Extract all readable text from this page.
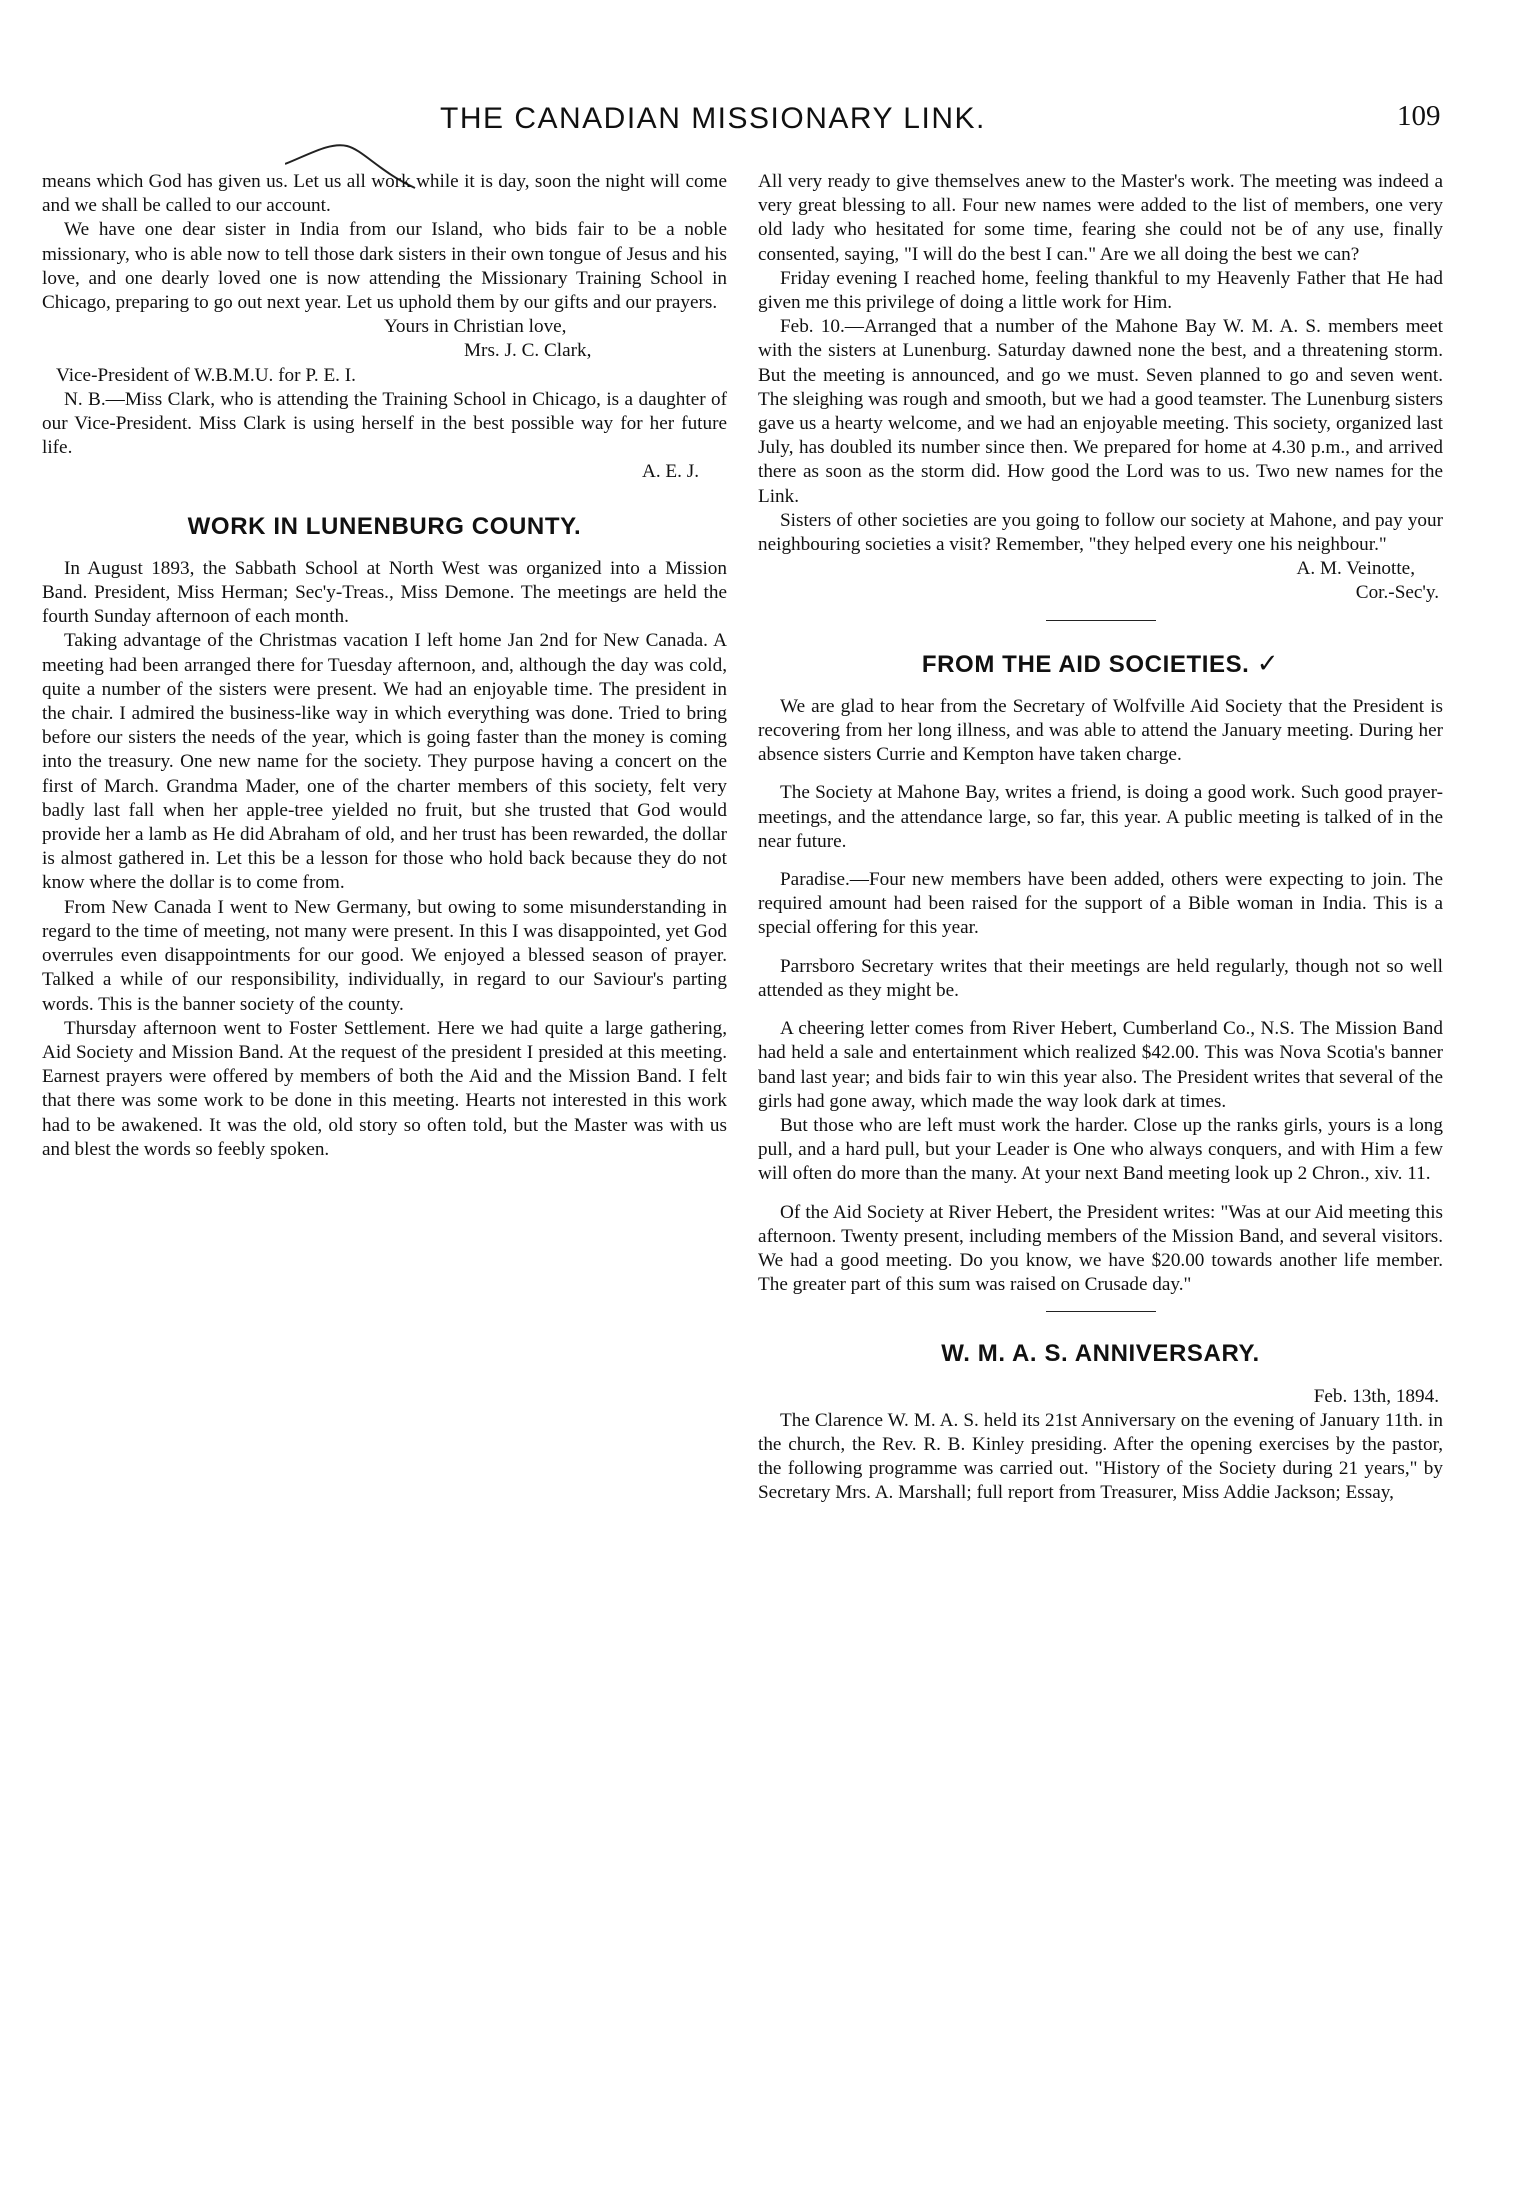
THE CANADIAN MISSIONARY LINK.	109

means which God has given us. Let us all work while it is day, soon the night will come and we shall be called to our account.

We have one dear sister in India from our Island, who bids fair to be a noble missionary, who is able now to tell those dark sisters in their own tongue of Jesus and his love, and one dearly loved one is now attending the Missionary Training School in Chicago, preparing to go out next year. Let us uphold them by our gifts and our prayers.

Yours in Christian love,

Mrs. J. C. Clark,

Vice-President of W.B.M.U. for P. E. I.

N. B.—Miss Clark, who is attending the Training School in Chicago, is a daughter of our Vice-President. Miss Clark is using herself in the best possible way for her future life.

A. E. J.

WORK IN LUNENBURG COUNTY.

In August 1893, the Sabbath School at North West was organized into a Mission Band. President, Miss Herman; Sec'y-Treas., Miss Demone. The meetings are held the fourth Sunday afternoon of each month.

Taking advantage of the Christmas vacation I left home Jan 2nd for New Canada. A meeting had been arranged there for Tuesday afternoon, and, although the day was cold, quite a number of the sisters were present. We had an enjoyable time. The president in the chair. I admired the business-like way in which everything was done. Tried to bring before our sisters the needs of the year, which is going faster than the money is coming into the treasury. One new name for the society. They purpose having a concert on the first of March. Grandma Mader, one of the charter members of this society, felt very badly last fall when her apple-tree yielded no fruit, but she trusted that God would provide her a lamb as He did Abraham of old, and her trust has been rewarded, the dollar is almost gathered in. Let this be a lesson for those who hold back because they do not know where the dollar is to come from.

From New Canada I went to New Germany, but owing to some misunderstanding in regard to the time of meeting, not many were present. In this I was disappointed, yet God overrules even disappointments for our good. We enjoyed a blessed season of prayer. Talked a while of our responsibility, individually, in regard to our Saviour's parting words. This is the banner society of the county.

Thursday afternoon went to Foster Settlement. Here we had quite a large gathering, Aid Society and Mission Band. At the request of the president I presided at this meeting. Earnest prayers were offered by members of both the Aid and the Mission Band. I felt that there was some work to be done in this meeting. Hearts not interested in this work had to be awakened. It was the old, old story so often told, but the Master was with us and blest the words so feebly spoken.

All very ready to give themselves anew to the Master's work. The meeting was indeed a very great blessing to all. Four new names were added to the list of members, one very old lady who hesitated for some time, fearing she could not be of any use, finally consented, saying, "I will do the best I can." Are we all doing the best we can?

Friday evening I reached home, feeling thankful to my Heavenly Father that He had given me this privilege of doing a little work for Him.

Feb. 10.—Arranged that a number of the Mahone Bay W. M. A. S. members meet with the sisters at Lunenburg. Saturday dawned none the best, and a threatening storm. But the meeting is announced, and go we must. Seven planned to go and seven went. The sleighing was rough and smooth, but we had a good teamster. The Lunenburg sisters gave us a hearty welcome, and we had an enjoyable meeting. This society, organized last July, has doubled its number since then. We prepared for home at 4.30 p.m., and arrived there as soon as the storm did. How good the Lord was to us. Two new names for the Link.

Sisters of other societies are you going to follow our society at Mahone, and pay your neighbouring societies a visit? Remember, "they helped every one his neighbour."

A. M. Veinotte,

Cor.-Sec'y.

FROM THE AID SOCIETIES. ✓

We are glad to hear from the Secretary of Wolfville Aid Society that the President is recovering from her long illness, and was able to attend the January meeting. During her absence sisters Currie and Kempton have taken charge.

The Society at Mahone Bay, writes a friend, is doing a good work. Such good prayer-meetings, and the attendance large, so far, this year. A public meeting is talked of in the near future.

Paradise.—Four new members have been added, others were expecting to join. The required amount had been raised for the support of a Bible woman in India. This is a special offering for this year.

Parrsboro Secretary writes that their meetings are held regularly, though not so well attended as they might be.

A cheering letter comes from River Hebert, Cumberland Co., N.S. The Mission Band had held a sale and entertainment which realized $42.00. This was Nova Scotia's banner band last year; and bids fair to win this year also. The President writes that several of the girls had gone away, which made the way look dark at times.

But those who are left must work the harder. Close up the ranks girls, yours is a long pull, and a hard pull, but your Leader is One who always conquers, and with Him a few will often do more than the many. At your next Band meeting look up 2 Chron., xiv. 11.

Of the Aid Society at River Hebert, the President writes: "Was at our Aid meeting this afternoon. Twenty present, including members of the Mission Band, and several visitors. We had a good meeting. Do you know, we have $20.00 towards another life member. The greater part of this sum was raised on Crusade day."

W. M. A. S. ANNIVERSARY.

Feb. 13th, 1894.

The Clarence W. M. A. S. held its 21st Anniversary on the evening of January 11th. in the church, the Rev. R. B. Kinley presiding. After the opening exercises by the pastor, the following programme was carried out. "History of the Society during 21 years," by Secretary Mrs. A. Marshall; full report from Treasurer, Miss Addie Jackson; Essay,
